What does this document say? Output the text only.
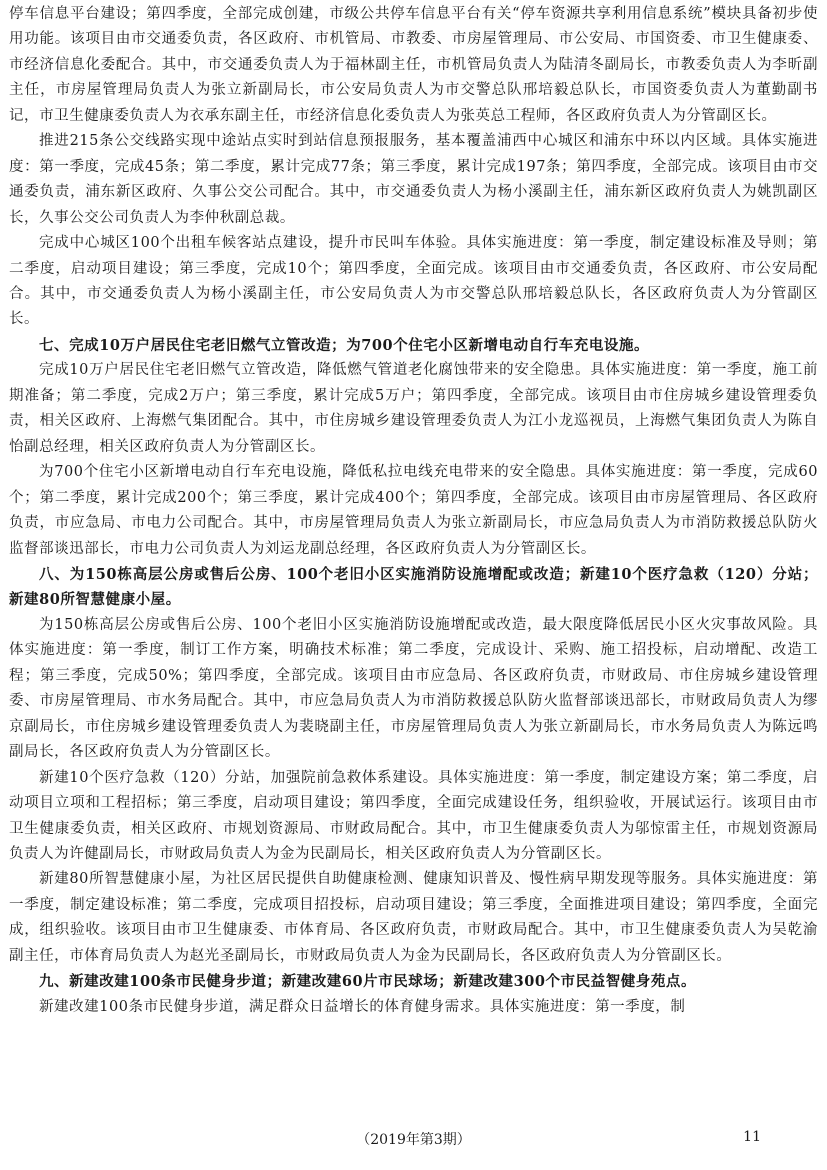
停车信息平台建设；第四季度，全部完成创建，市级公共停车信息平台有关“停车资源共享利用信息系统”模块具备初步使用功能。该项目由市交通委负责，各区政府、市机管局、市教委、市房屋管理局、市公安局、市国资委、市卫生健康委、市经济信息化委配合。其中，市交通委负责人为于福林副主任，市机管局负责人为陆清冬副局长，市教委负责人为李昕副主任，市房屋管理局负责人为张立新副局长，市公安局负责人为市交警总队邢培毅总队长，市国资委负责人为董勤副书记，市卫生健康委负责人为衣承东副主任，市经济信息化委负责人为张英总工程师，各区政府负责人为分管副区长。

推进215条公交线路实现中途站点实时到站信息预报服务，基本覆盖浦西中心城区和浦东中环以内区域。具体实施进度：第一季度，完成45条；第二季度，累计完成77条；第三季度，累计完成197条；第四季度，全部完成。该项目由市交通委负责，浦东新区政府、久事公交公司配合。其中，市交通委负责人为杨小溪副主任，浦东新区政府负责人为姚凯副区长，久事公交公司负责人为李仲秋副总裁。

完成中心城区100个出租车候客站点建设，提升市民叫车体验。具体实施进度：第一季度，制定建设标准及导则；第二季度，启动项目建设；第三季度，完成10个；第四季度，全面完成。该项目由市交通委负责，各区政府、市公安局配合。其中，市交通委负责人为杨小溪副主任，市公安局负责人为市交警总队邢培毅总队长，各区政府负责人为分管副区长。

七、完成10万户居民住宅老旧燃气立管改造；为700个住宅小区新增电动自行车充电设施。

完成10万户居民住宅老旧燃气立管改造，降低燃气管道老化腐蚀带来的安全隐患。具体实施进度：第一季度，施工前期准备；第二季度，完成2万户；第三季度，累计完成5万户；第四季度，全部完成。该项目由市住房城乡建设管理委负责，相关区政府、上海燃气集团配合。其中，市住房城乡建设管理委负责人为江小龙巡视员，上海燃气集团负责人为陈自怡副总经理，相关区政府负责人为分管副区长。

为700个住宅小区新增电动自行车充电设施，降低私拉电线充电带来的安全隐患。具体实施进度：第一季度，完成60个；第二季度，累计完成200个；第三季度，累计完成400个；第四季度，全部完成。该项目由市房屋管理局、各区政府负责，市应急局、市电力公司配合。其中，市房屋管理局负责人为张立新副局长，市应急局负责人为市消防救援总队防火监督部谈迅部长，市电力公司负责人为刘运龙副总经理，各区政府负责人为分管副区长。

八、为150栋高层公房或售后公房、100个老旧小区实施消防设施增配或改造；新建10个医疗急救（120）分站；新建80所智慧健康小屋。

为150栋高层公房或售后公房、100个老旧小区实施消防设施增配或改造，最大限度降低居民小区火灾事故风险。具体实施进度：第一季度，制订工作方案，明确技术标准；第二季度，完成设计、采购、施工招投标，启动增配、改造工程；第三季度，完成50%；第四季度，全部完成。该项目由市应急局、各区政府负责，市财政局、市住房城乡建设管理委、市房屋管理局、市水务局配合。其中，市应急局负责人为市消防救援总队防火监督部谈迅部长，市财政局负责人为缪京副局长，市住房城乡建设管理委负责人为裴晓副主任，市房屋管理局负责人为张立新副局长，市水务局负责人为陈远鸣副局长，各区政府负责人为分管副区长。

新建10个医疗急救（120）分站，加强院前急救体系建设。具体实施进度：第一季度，制定建设方案；第二季度，启动项目立项和工程招标；第三季度，启动项目建设；第四季度，全面完成建设任务，组织验收，开展试运行。该项目由市卫生健康委负责，相关区政府、市规划资源局、市财政局配合。其中，市卫生健康委负责人为邬惊雷主任，市规划资源局负责人为许健副局长，市财政局负责人为金为民副局长，相关区政府负责人为分管副区长。

新建80所智慧健康小屋，为社区居民提供自助健康检测、健康知识普及、慢性病早期发现等服务。具体实施进度：第一季度，制定建设标准；第二季度，完成项目招投标，启动项目建设；第三季度，全面推进项目建设；第四季度，全面完成，组织验收。该项目由市卫生健康委、市体育局、各区政府负责，市财政局配合。其中，市卫生健康委负责人为吴乾渝副主任，市体育局负责人为赵光圣副局长，市财政局负责人为金为民副局长，各区政府负责人为分管副区长。

九、新建改建100条市民健身步道；新建改建60片市民球场；新建改建300个市民益智健身苑点。

新建改建100条市民健身步道，满足群众日益增长的体育健身需求。具体实施进度：第一季度，制

（2019年第3期）	11
